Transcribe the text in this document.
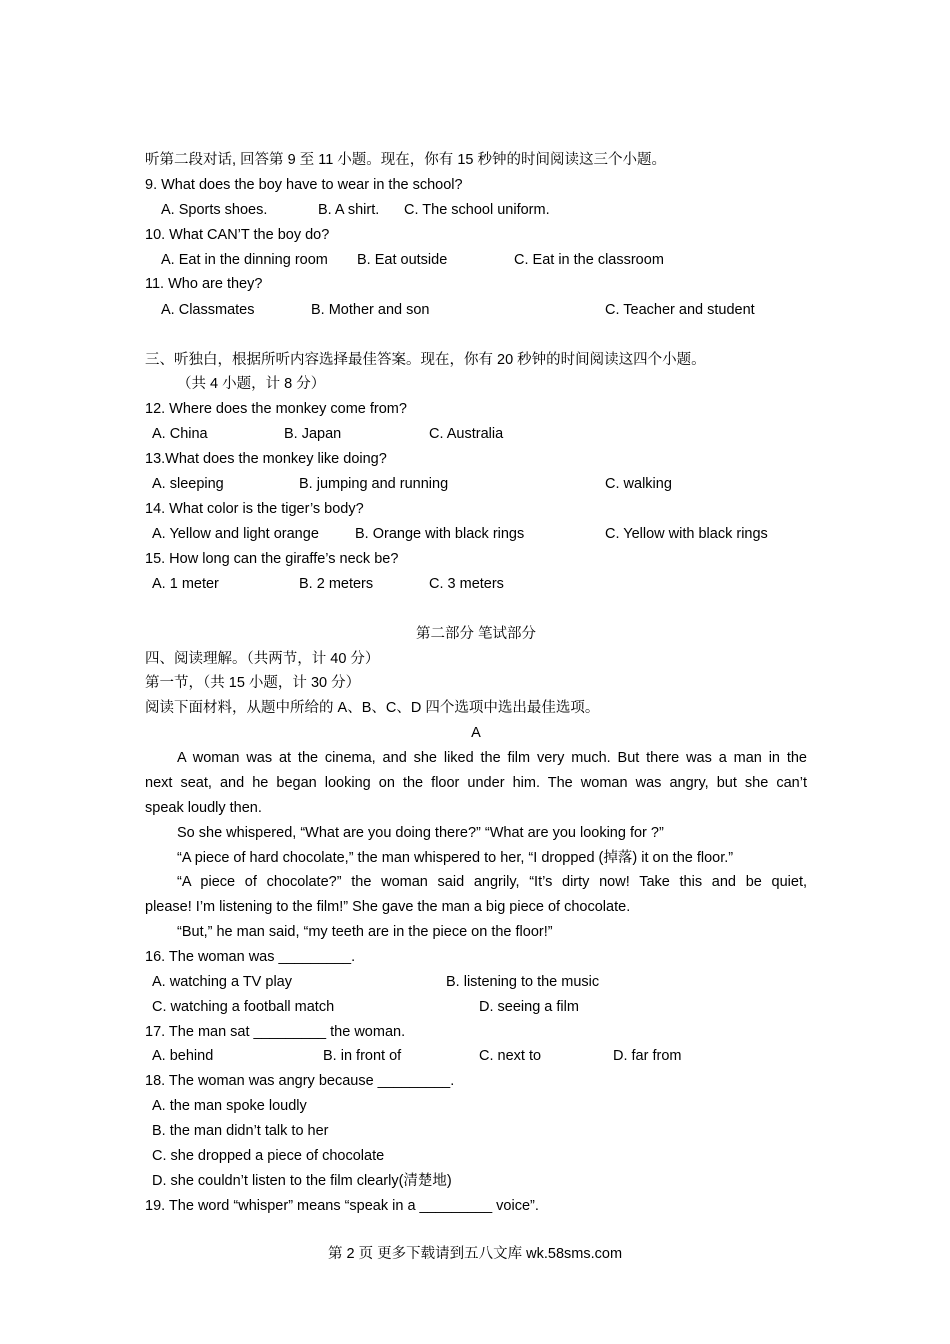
听第二段对话, 回答第 9 至 11 小题。现在，你有 15 秒钟的时间阅读这三个小题。
9. What does the boy have to wear in the school?
A. Sports shoes.	B. A shirt. C. The school uniform.
10. What CAN’T the boy do?
A. Eat in the dinning room B. Eat outside	C. Eat in the classroom
11. Who are they?
A. Classmates	B. Mother and son	C. Teacher and student
三、听独白，根据所听内容选择最佳答案。现在，你有 20 秒钟的时间阅读这四个小题。
（共 4 小题，计 8 分）
12. Where does the monkey come from?
A. China	B. Japan	C. Australia
13.What does the monkey like doing?
A. sleeping	B. jumping and running	C. walking
14. What color is the tiger’s body?
A. Yellow and light orange B. Orange with black rings	C. Yellow with black rings
15. How long can the giraffe’s neck be?
A. 1 meter	B. 2 meters	C. 3 meters
第二部分 笔试部分
四、阅读理解。（共两节，计 40 分）
第一节，（共 15 小题，计 30 分）
阅读下面材料，从题中所给的 A、B、C、D 四个选项中选出最佳选项。
A
A woman was at the cinema, and she liked the film very much. But there was a man in the
next seat, and he began looking on the floor under him. The woman was angry, but she can’t
speak loudly then.
So she whispered, “What are you doing there?” “What are you looking for ?”
“A piece of hard chocolate,” the man whispered to her, “I dropped (掉落) it on the floor.”
“A piece of chocolate?” the woman said angrily, “It’s dirty now! Take this and be quiet,
please! I’m listening to the film!” She gave the man a big piece of chocolate.
“But,” he man said, “my teeth are in the piece on the floor!”
16. The woman was _________.
A. watching a TV play	B. listening to the music
C. watching a football match	D. seeing a film
17. The man sat _________ the woman.
A. behind	B. in front of	C. next to	D. far from
18. The woman was angry because _________.
A. the man spoke loudly
B. the man didn’t talk to her
C. she dropped a piece of chocolate
D. she couldn’t listen to the film clearly(清楚地)
19. The word “whisper” means “speak in a _________ voice”.
第 2 页 更多下载请到五八文库 wk.58sms.com
